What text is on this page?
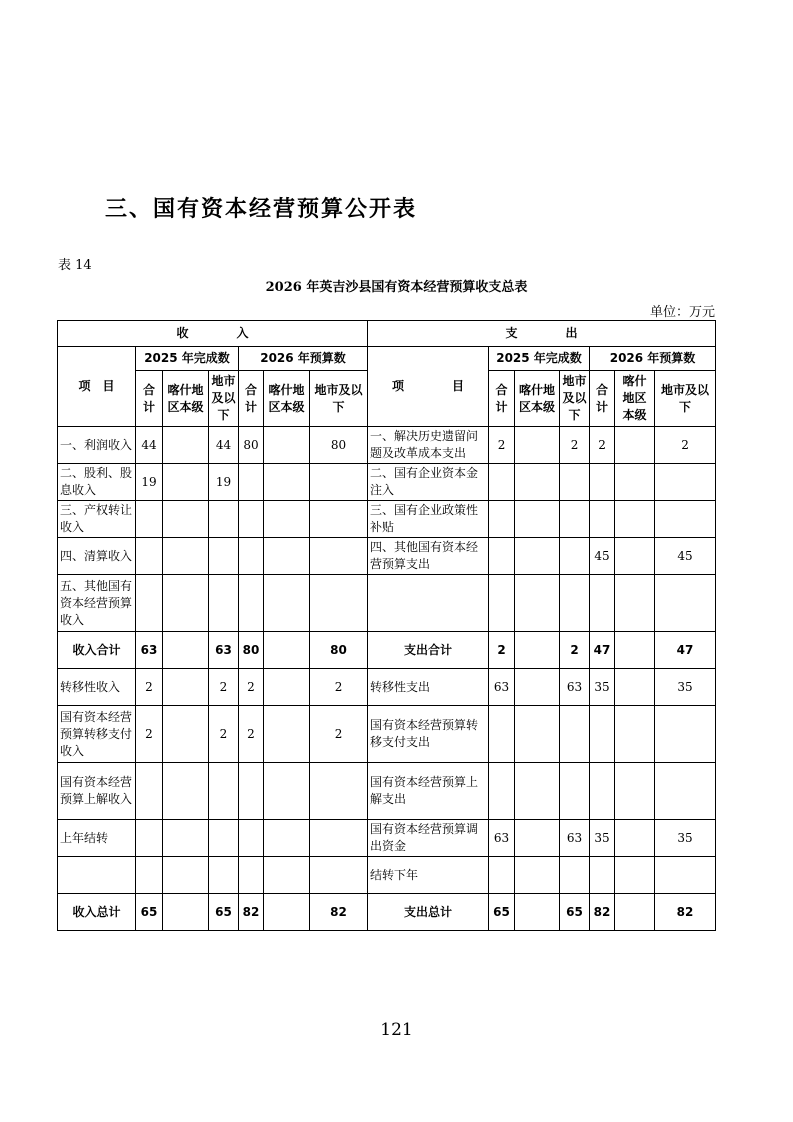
三、国有资本经营预算公开表
表 14
2026 年英吉沙县国有资本经营预算收支总表
单位：万元
收　　　　入							支　　　　出						
项　目	2025 年完成数			2026 年预算数			项　　　　目	2025 年完成数			2026 年预算数		
	合计	喀什地区本级	地市及以下	合 计	喀什地区本级	地市及以下		合 计	喀什地区本级	地市及以下	合 计	喀什地区本级	地市及以下
一、利润收入	44		44	80		80	一、解决历史遗留问题及改革成本支出	2		2	2		2
二、股利、股息收入	19		19				二、国有企业资本金注入						
三、产权转让收入							三、国有企业政策性补贴						
四、清算收入							四、其他国有资本经营预算支出				45		45
五、其他国有资本经营预算收入													
收入合计	63		63	80		80	支出合计	2		2	47		47
转移性收入	2		2	2		2	转移性支出	63		63	35		35
国有资本经营预算转移支付收入	2		2	2		2	国有资本经营预算转移支付支出						
国有资本经营预算上解收入							国有资本经营预算上解支出						
上年结转							国有资本经营预算调出资金	63		63	35		35
							结转下年						
收入总计	65		65	82		82	支出总计	65		65	82		82
121
